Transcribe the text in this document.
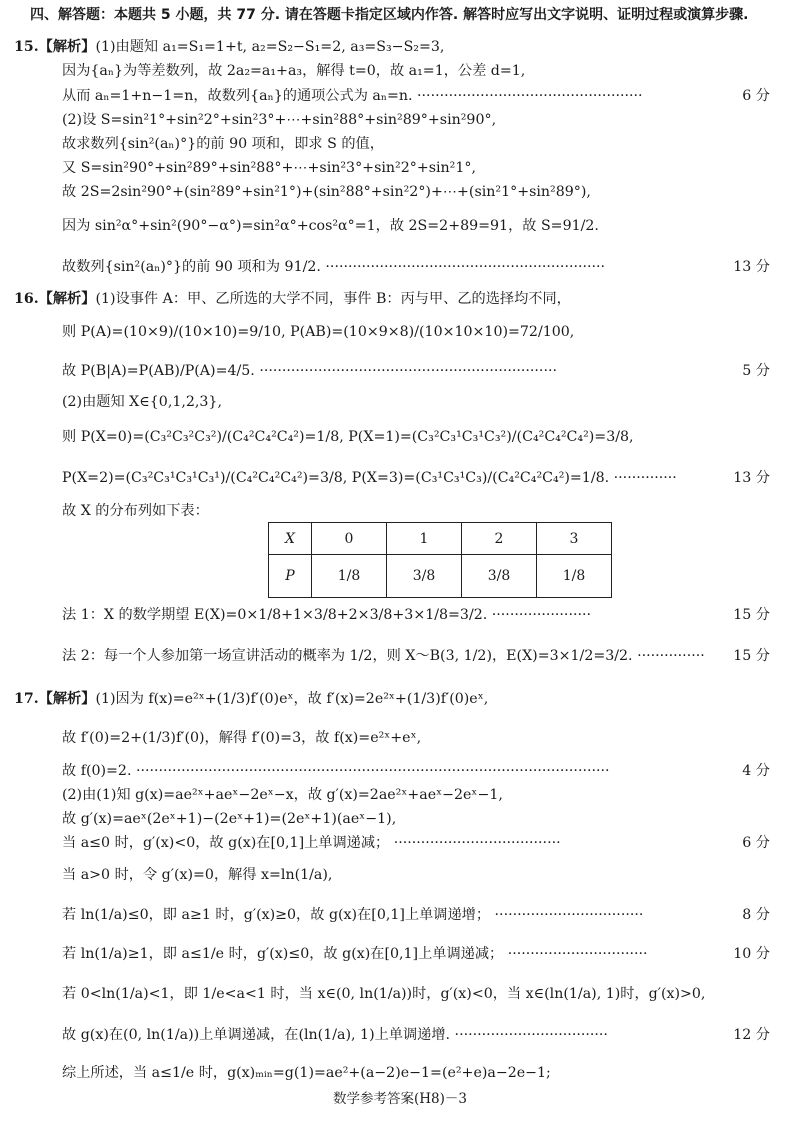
四、解答题：本题共 5 小题，共 77 分. 请在答题卡指定区域内作答. 解答时应写出文字说明、证明过程或演算步骤.
15.【解析】(1)由题知 a₁=S₁=1+t, a₂=S₂−S₁=2, a₃=S₃−S₂=3,
因为{aₙ}为等差数列，故 2a₂=a₁+a₃，解得 t=0，故 a₁=1，公差 d=1,
从而 aₙ=1+n−1=n，故数列{aₙ}的通项公式为 aₙ=n. ··················································	6 分
(2)设 S=sin²1°+sin²2°+sin²3°+⋯+sin²88°+sin²89°+sin²90°,
故求数列{sin²(aₙ)°}的前 90 项和，即求 S 的值，
又 S=sin²90°+sin²89°+sin²88°+⋯+sin²3°+sin²2°+sin²1°,
故 2S=2sin²90°+(sin²89°+sin²1°)+(sin²88°+sin²2°)+⋯+(sin²1°+sin²89°),
因为 sin²α°+sin²(90°−α°)=sin²α°+cos²α°=1，故 2S=2+89=91，故 S=91/2.
故数列{sin²(aₙ)°}的前 90 项和为 91/2. ······························································	13 分
16.【解析】(1)设事件 A：甲、乙所选的大学不同，事件 B：丙与甲、乙的选择均不同，
则 P(A)=(10×9)/(10×10)=9/10, P(AB)=(10×9×8)/(10×10×10)=72/100,
故 P(B|A)=P(AB)/P(A)=4/5. ··································································	5 分
(2)由题知 X∈{0,1,2,3},
则 P(X=0)=(C₃²C₃²C₃²)/(C₄²C₄²C₄²)=1/8, P(X=1)=(C₃²C₃¹C₃¹C₃²)/(C₄²C₄²C₄²)=3/8,
P(X=2)=(C₃²C₃¹C₃¹C₃¹)/(C₄²C₄²C₄²)=3/8, P(X=3)=(C₃¹C₃¹C₃)/(C₄²C₄²C₄²)=1/8. ··············	13 分
故 X 的分布列如下表：
X	0	1	2	3
P	1/8	3/8	3/8	1/8
法 1：X 的数学期望 E(X)=0×1/8+1×3/8+2×3/8+3×1/8=3/2. ······················	15 分
法 2：每一个人参加第一场宣讲活动的概率为 1/2，则 X～B(3, 1/2)，E(X)=3×1/2=3/2. ··············· 15 分
17.【解析】(1)因为 f(x)=e²ˣ+(1/3)f′(0)eˣ，故 f′(x)=2e²ˣ+(1/3)f′(0)eˣ,
故 f′(0)=2+(1/3)f′(0)，解得 f′(0)=3，故 f(x)=e²ˣ+eˣ,
故 f(0)=2. ·········································································································	4 分
(2)由(1)知 g(x)=ae²ˣ+aeˣ−2eˣ−x，故 g′(x)=2ae²ˣ+aeˣ−2eˣ−1,
故 g′(x)=aeˣ(2eˣ+1)−(2eˣ+1)=(2eˣ+1)(aeˣ−1),
当 a≤0 时，g′(x)<0，故 g(x)在[0,1]上单调递减； ·····································	6 分
当 a>0 时，令 g′(x)=0，解得 x=ln(1/a),
若 ln(1/a)≤0，即 a≥1 时，g′(x)≥0，故 g(x)在[0,1]上单调递增； ·································	8 分
若 ln(1/a)≥1，即 a≤1/e 时，g′(x)≤0，故 g(x)在[0,1]上单调递减； ·······························	10 分
若 0<ln(1/a)<1，即 1/e<a<1 时，当 x∈(0, ln(1/a))时，g′(x)<0，当 x∈(ln(1/a), 1)时，g′(x)>0,
故 g(x)在(0, ln(1/a))上单调递减，在(ln(1/a), 1)上单调递增. ··································	12 分
综上所述，当 a≤1/e 时，g(x)ₘᵢₙ=g(1)=ae²+(a−2)e−1=(e²+e)a−2e−1;
数学参考答案(H8)－3
